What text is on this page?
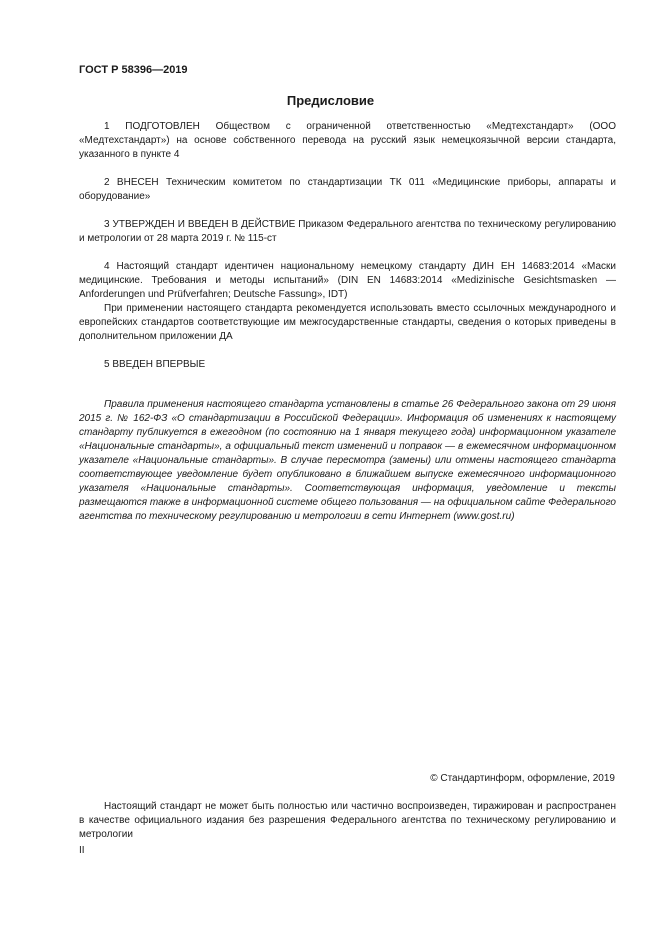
ГОСТ Р 58396—2019
Предисловие

1 ПОДГОТОВЛЕН Обществом с ограниченной ответственностью «Медтехстандарт» (ООО «Медтехстандарт») на основе собственного перевода на русский язык немецкоязычной версии стандарта, указанного в пункте 4

2 ВНЕСЕН Техническим комитетом по стандартизации ТК 011 «Медицинские приборы, аппараты и оборудование»

3 УТВЕРЖДЕН И ВВЕДЕН В ДЕЙСТВИЕ Приказом Федерального агентства по техническому регулированию и метрологии от 28 марта 2019 г. № 115-ст

4 Настоящий стандарт идентичен национальному немецкому стандарту ДИН ЕН 14683:2014 «Маски медицинские. Требования и методы испытаний» (DIN EN 14683:2014 «Medizinische Gesichtsmasken — Anforderungen und Prüfverfahren; Deutsche Fassung», IDT)

При применении настоящего стандарта рекомендуется использовать вместо ссылочных международного и европейских стандартов соответствующие им межгосударственные стандарты, сведения о которых приведены в дополнительном приложении ДА

5 ВВЕДЕН ВПЕРВЫЕ

Правила применения настоящего стандарта установлены в статье 26 Федерального закона от 29 июня 2015 г. № 162-ФЗ «О стандартизации в Российской Федерации». Информация об изменениях к настоящему стандарту публикуется в ежегодном (по состоянию на 1 января текущего года) информационном указателе «Национальные стандарты», а официальный текст изменений и поправок — в ежемесячном информационном указателе «Национальные стандарты». В случае пересмотра (замены) или отмены настоящего стандарта соответствующее уведомление будет опубликовано в ближайшем выпуске ежемесячного информационного указателя «Национальные стандарты». Соответствующая информация, уведомление и тексты размещаются также в информационной системе общего пользования — на официальном сайте Федерального агентства по техническому регулированию и метрологии в сети Интернет (www.gost.ru)

© Стандартинформ, оформление, 2019

Настоящий стандарт не может быть полностью или частично воспроизведен, тиражирован и распространен в качестве официального издания без разрешения Федерального агентства по техническому регулированию и метрологии

II
